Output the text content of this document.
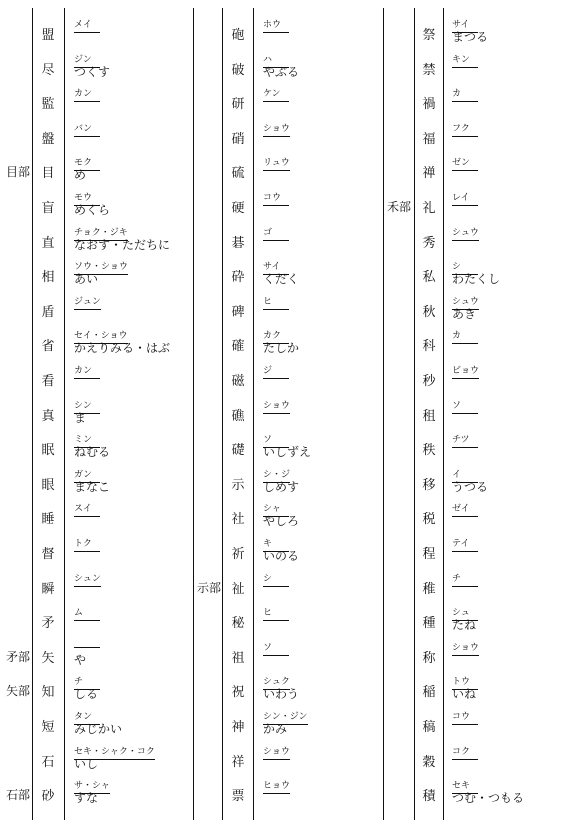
盟
メイ
尽
ジン
つくす
監
カン
盤
バン
目
モク
め
盲
モウ
めくら
直
チョク・ジキ
なおす・ただちに
相
ソウ・ショウ
あい
盾
ジュン
省
セイ・ショウ
かえりみる・はぶ
看
カン
真
シン
ま
眠
ミン
ねむる
眼
ガン
まなこ
睡
スイ
督
トク
瞬
シュン
矛
ム
矢
や
知
チ
しる
短
タン
みじかい
石
セキ・シャク・コク
いし
砂
サ・シャ
すな
目部
矛部
矢部
石部
砲
ホウ
破
ハ
やぶる
研
ケン
硝
ショウ
硫
リュウ
硬
コウ
碁
ゴ
砕
サイ
くだく
碑
ヒ
確
カク
たしか
磁
ジ
礁
ショウ
礎
ソ
いしずえ
示
シ・ジ
しめす
社
シャ
やしろ
祈
キ
いのる
祉
シ
秘
ヒ
祖
ソ
祝
シュク
いわう
神
シン・ジン
かみ
祥
ショウ
票
ヒョウ
示部
祭
サイ
まつる
禁
キン
禍
カ
福
フク
禅
ゼン
礼
レイ
秀
シュウ
私
シ
わたくし
秋
シュウ
あき
科
カ
秒
ビョウ
租
ソ
秩
チツ
移
イ
うつる
税
ゼイ
程
テイ
稚
チ
種
シュ
たね
称
ショウ
稲
トウ
いね
稿
コウ
穀
コク
積
セキ
つむ・つもる
禾部
